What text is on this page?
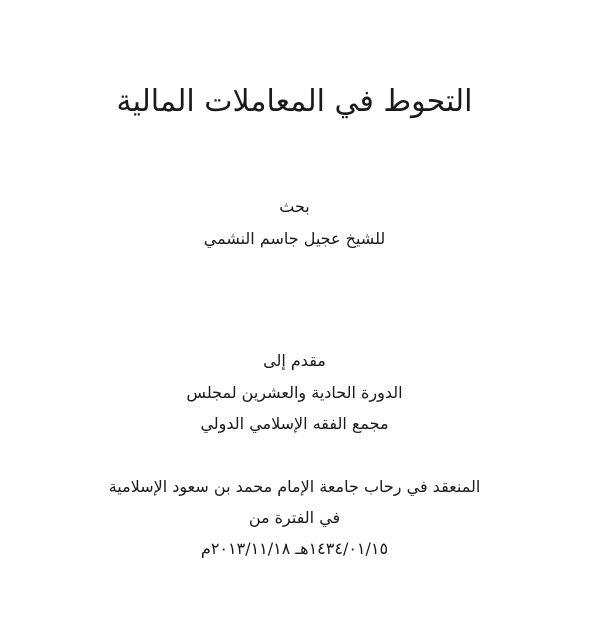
التحوط في المعاملات المالية
بحث
للشيخ عجيل جاسم النشمي
مقدم إلى
الدورة الحادية والعشرين لمجلس
مجمع الفقه الإسلامي الدولي
المنعقد في رحاب جامعة الإمام محمد بن سعود الإسلامية
في الفترة من
١٤٣٤/٠١/١٥هـ ٢٠١٣/١١/١٨م
